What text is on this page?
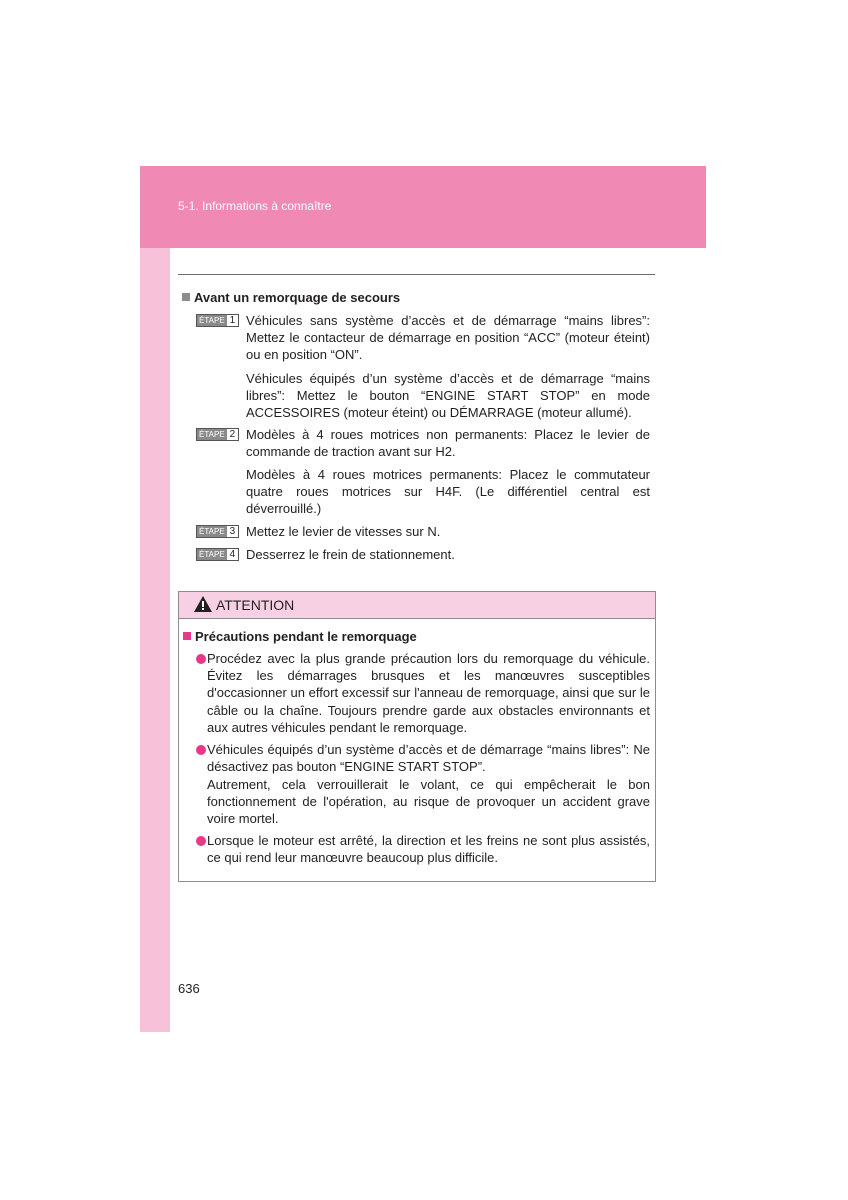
5-1. Informations à connaître
Avant un remorquage de secours
ÉTAPE 1 Véhicules sans système d’accès et de démarrage “mains libres”: Mettez le contacteur de démarrage en position “ACC” (moteur éteint) ou en position “ON”.

Véhicules équipés d’un système d’accès et de démarrage “mains libres”: Mettez le bouton “ENGINE START STOP” en mode ACCESSOIRES (moteur éteint) ou DÉMARRAGE (moteur allumé).

ÉTAPE 2 Modèles à 4 roues motrices non permanents: Placez le levier de commande de traction avant sur H2.

Modèles à 4 roues motrices permanents: Placez le commutateur quatre roues motrices sur H4F. (Le différentiel central est déverrouillé.)

ÉTAPE 3 Mettez le levier de vitesses sur N.

ÉTAPE 4 Desserrez le frein de stationnement.

ATTENTION
Précautions pendant le remorquage

Procédez avec la plus grande précaution lors du remorquage du véhicule. Évitez les démarrages brusques et les manœuvres susceptibles d'occasionner un effort excessif sur l'anneau de remorquage, ainsi que sur le câble ou la chaîne. Toujours prendre garde aux obstacles environnants et aux autres véhicules pendant le remorquage.

Véhicules équipés d’un système d’accès et de démarrage “mains libres”: Ne désactivez pas bouton “ENGINE START STOP”.

Autrement, cela verrouillerait le volant, ce qui empêcherait le bon fonctionnement de l'opération, au risque de provoquer un accident grave voire mortel.

Lorsque le moteur est arrêté, la direction et les freins ne sont plus assistés, ce qui rend leur manœuvre beaucoup plus difficile.

636
